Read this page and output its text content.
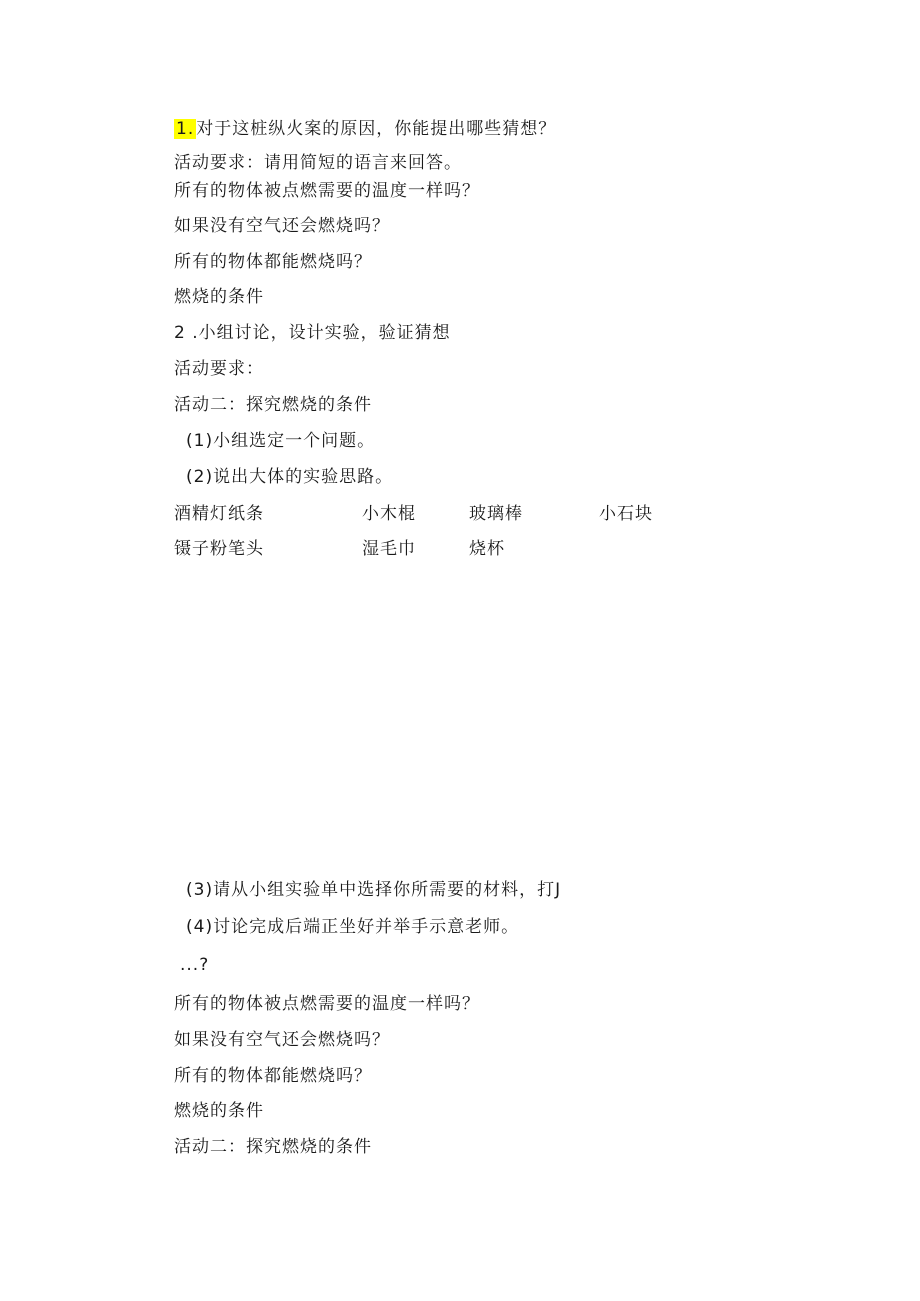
1. 对于这桩纵火案的原因，你能提出哪些猜想？
活动要求：请用简短的语言来回答。
所有的物体被点燃需要的温度一样吗？
如果没有空气还会燃烧吗？
所有的物体都能燃烧吗？
燃烧的条件
2 .小组讨论，设计实验，验证猜想
活动要求：
活动二：探究燃烧的条件
(1)小组选定一个问题。
(2)说出大体的实验思路。
酒精灯纸条	小木棍	玻璃棒	小石块
镊子粉笔头	湿毛巾	烧杯
(3)请从小组实验单中选择你所需要的材料，打J
(4)讨论完成后端正坐好并举手示意老师。
...?
所有的物体被点燃需要的温度一样吗？
如果没有空气还会燃烧吗？
所有的物体都能燃烧吗？
燃烧的条件
活动二：探究燃烧的条件
